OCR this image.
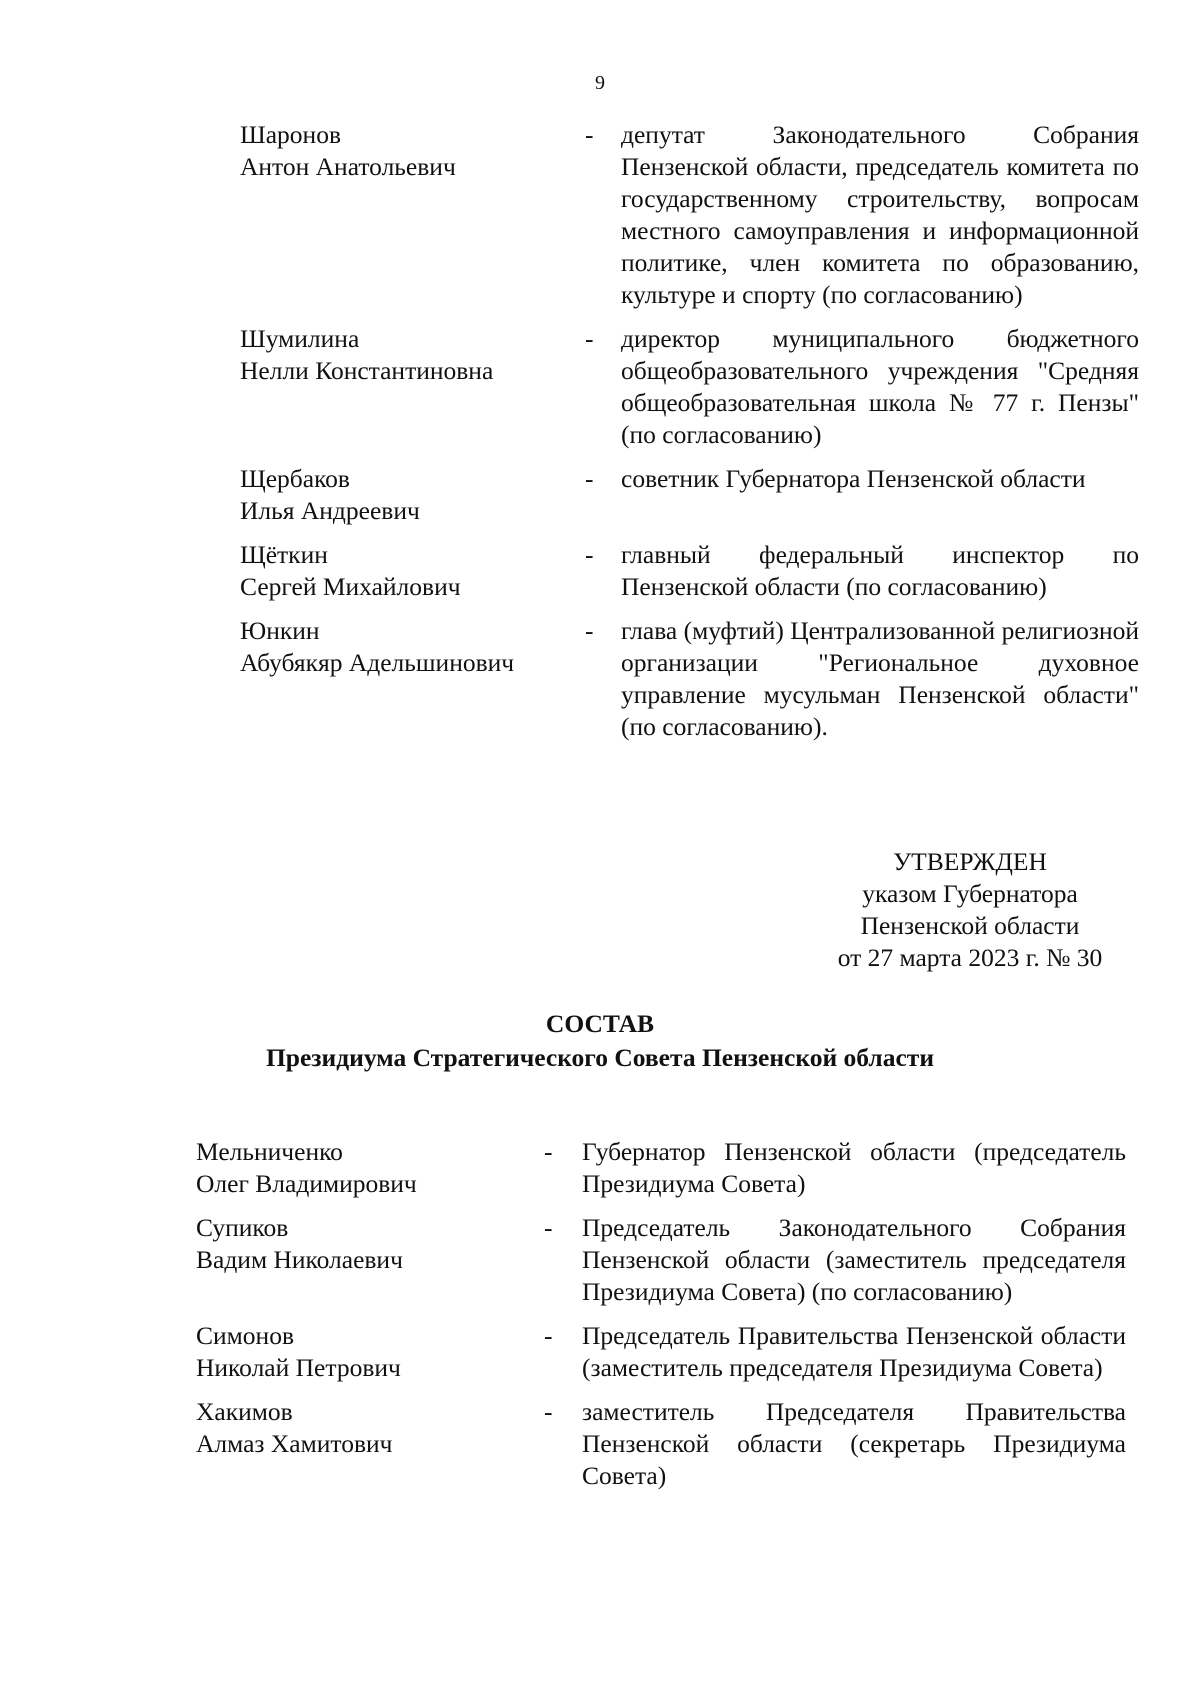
9
Шаронов
Антон Анатольевич
-	депутат Законодательного Собрания Пензенской области, председатель комитета по государственному строительству, вопросам местного самоуправления и информационной политике, член комитета по образованию, культуре и спорту (по согласованию)
Шумилина
Нелли Константиновна
-	директор муниципального бюджетного общеобразовательного учреждения "Средняя общеобразовательная школа № 77 г. Пензы" (по согласованию)
Щербаков
Илья Андреевич
-	советник Губернатора Пензенской области
Щёткин
Сергей Михайлович
-	главный федеральный инспектор по Пензенской области (по согласованию)
Юнкин
Абубякяр Адельшинович
-	глава (муфтий) Централизованной религиозной организации "Региональное духовное управление мусульман Пензенской области" (по согласованию).
УТВЕРЖДЕН
указом Губернатора
Пензенской области
от 27 марта 2023 г. № 30
СОСТАВ
Президиума Стратегического Совета Пензенской области
Мельниченко
Олег Владимирович
-	Губернатор Пензенской области (председатель Президиума Совета)
Супиков
Вадим Николаевич
-	Председатель Законодательного Собрания Пензенской области (заместитель председателя Президиума Совета) (по согласованию)
Симонов
Николай Петрович
-	Председатель Правительства Пензенской области (заместитель председателя Президиума Совета)
Хакимов
Алмаз Хамитович
-	заместитель Председателя Правительства Пензенской области (секретарь Президиума Совета)
